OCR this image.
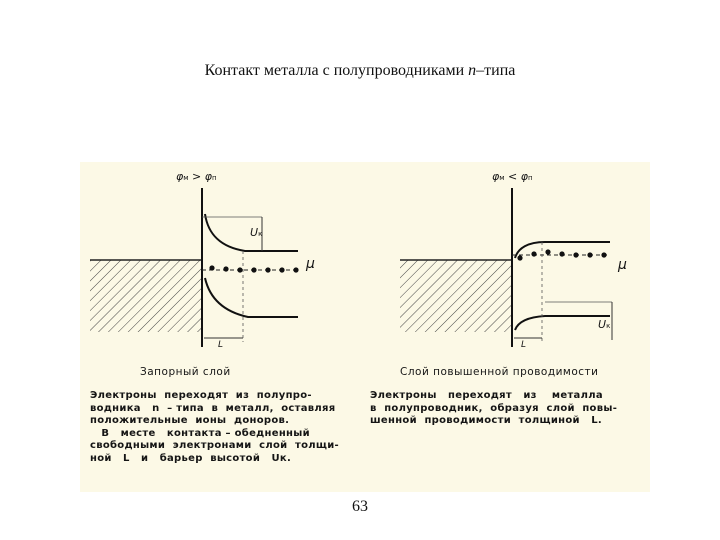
Контакт металла с полупроводниками n–типа
φм > φп
Uк
μ
L
Запорный слой
Электроны  переходят  из  полупро-
водника   n  – типа  в  металл,  оставляя
положительные  ионы  доноров.
В   месте   контакта – обедненный
свободными  электронами  слой  толщи-
ной   L   и   барьер  высотой   Uк.
φм < φп
μ
Uк
L
Слой повышенной проводимости
Электроны   переходят   из    металла
в  полупроводник,  образуя  слой  повы-
шенной  проводимости  толщиной   L.
63
